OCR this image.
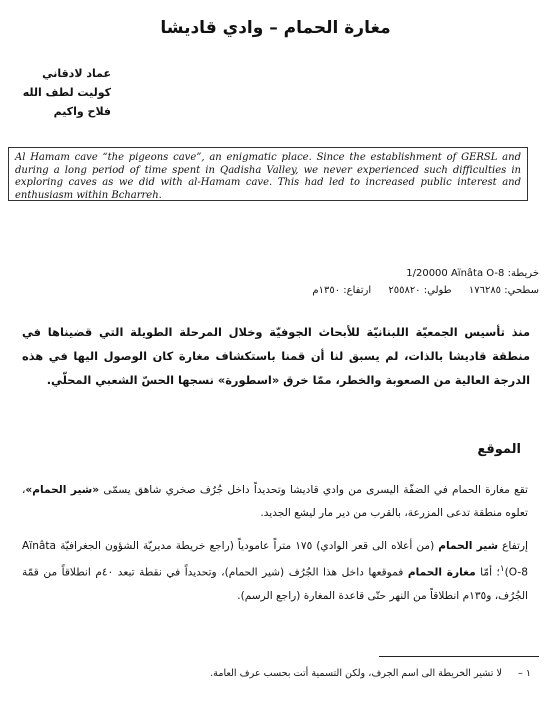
مغارة الحمام – وادي قاديشا
عماد لادقاني
كوليت لطف الله
فلاح واكيم
Al Hamam cave “the pigeons cave”, an enigmatic place. Since the establishment of GERSL and during a long period of time spent in Qadisha Valley, we never experienced such difficulties in exploring caves as we did with al-Hamam cave. This had led to increased public interest and enthusiasm within Bcharreh.
خريطة: 1/20000 Aïnâta O-8
سطحي: ١٧٦٢٨٥ طولي: ٢٥٥٨٢٠ ارتفاع: ١٣٥٠م
منذ تأسيس الجمعيّة اللبنانيّة للأبحاث الجوفيّة وخلال المرحلة الطويلة التي قضيناها في منطقة قاديشا بالذات، لم يسبق لنا أن قمنا باستكشاف مغارة كان الوصول اليها في هذه الدرجة العالية من الصعوبة والخطر، ممّا خرق «اسطورة» نسجها الحسّ الشعبي المحلّي.
الموقع
تقع مغارة الحمام في الضفّة اليسرى من وادي قاديشا وتحديداً داخل جُرُف صخري شاهق يسمّى «شير الحمام»، تعلوه منطقة تدعى المزرعة، بالقرب من دير مار ليشع الجديد.
إرتفاع شير الحمام (من أعلاه الى قعر الوادي) ١٧٥ متراً عامودياً (راجع خريطة مديريّة الشؤون الجغرافيّة Aïnâta O-8)$^١$؛ أمّا مغارة الحمام فموقعها داخل هذا الجُرُف (شير الحمام)، وتحديداً في نقطة تبعد ٤٠م انطلاقاً من قمّة الجُرُف، و١٣٥م انطلاقاً من النهر حتّى قاعدة المغارة (راجع الرسم).
١ – لا تشير الخريطة الى اسم الجرف، ولكن التسمية أتت بحسب عرف العامة.
